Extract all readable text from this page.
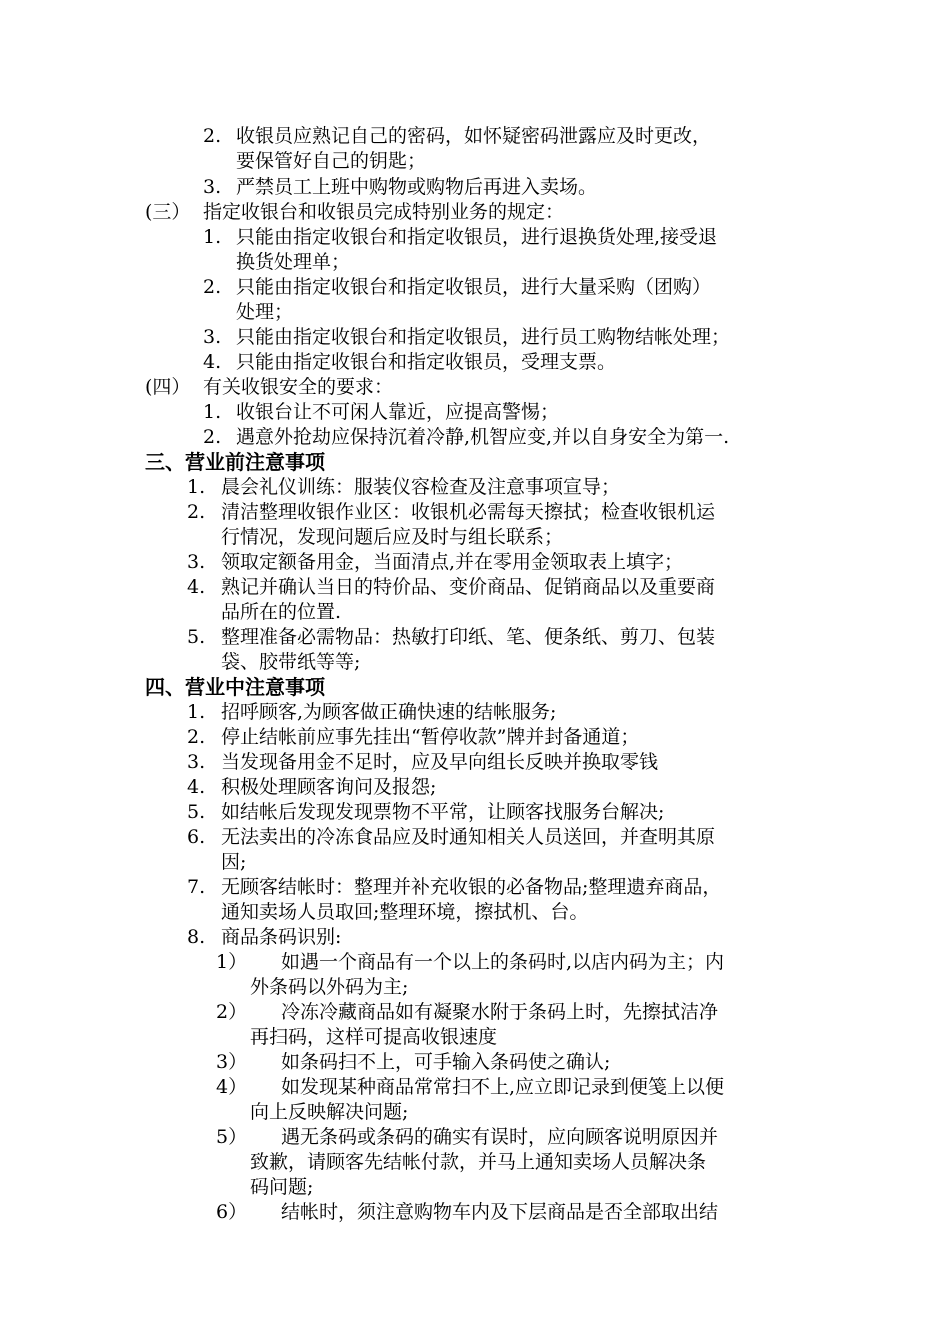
2. 收银员应熟记自己的密码，如怀疑密码泄露应及时更改，
要保管好自己的钥匙；
3. 严禁员工上班中购物或购物后再进入卖场。
(三） 指定收银台和收银员完成特别业务的规定：
1. 只能由指定收银台和指定收银员，进行退换货处理,接受退
换货处理单；
2. 只能由指定收银台和指定收银员，进行大量采购（团购）
处理；
3. 只能由指定收银台和指定收银员，进行员工购物结帐处理；
4. 只能由指定收银台和指定收银员，受理支票。
(四） 有关收银安全的要求：
1. 收银台让不可闲人靠近，应提高警惕；
2. 遇意外抢劫应保持沉着冷静,机智应变,并以自身安全为第一.
三、营业前注意事项
1. 晨会礼仪训练：服装仪容检查及注意事项宣导；
2. 清洁整理收银作业区：收银机必需每天擦拭；检查收银机运
行情况，发现问题后应及时与组长联系；
3. 领取定额备用金，当面清点,并在零用金领取表上填字；
4. 熟记并确认当日的特价品、变价商品、促销商品以及重要商
品所在的位置.
5. 整理准备必需物品：热敏打印纸、笔、便条纸、剪刀、包装
袋、胶带纸等等;
四、营业中注意事项
1. 招呼顾客,为顾客做正确快速的结帐服务;
2. 停止结帐前应事先挂出“暂停收款”牌并封备通道；
3. 当发现备用金不足时，应及早向组长反映并换取零钱
4. 积极处理顾客询问及报怨;
5. 如结帐后发现发现票物不平常，让顾客找服务台解决;
6. 无法卖出的冷冻食品应及时通知相关人员送回，并查明其原
因;
7. 无顾客结帐时：整理并补充收银的必备物品;整理遗弃商品，
通知卖场人员取回;整理环境，擦拭机、台。
8. 商品条码识别:
1） 如遇一个商品有一个以上的条码时,以店内码为主；内
外条码以外码为主;
2） 冷冻冷藏商品如有凝聚水附于条码上时，先擦拭洁净
再扫码，这样可提高收银速度
3） 如条码扫不上，可手输入条码使之确认;
4） 如发现某种商品常常扫不上,应立即记录到便笺上以便
向上反映解决问题;
5） 遇无条码或条码的确实有误时，应向顾客说明原因并
致歉，请顾客先结帐付款，并马上通知卖场人员解决条
码问题;
6） 结帐时，须注意购物车内及下层商品是否全部取出结
